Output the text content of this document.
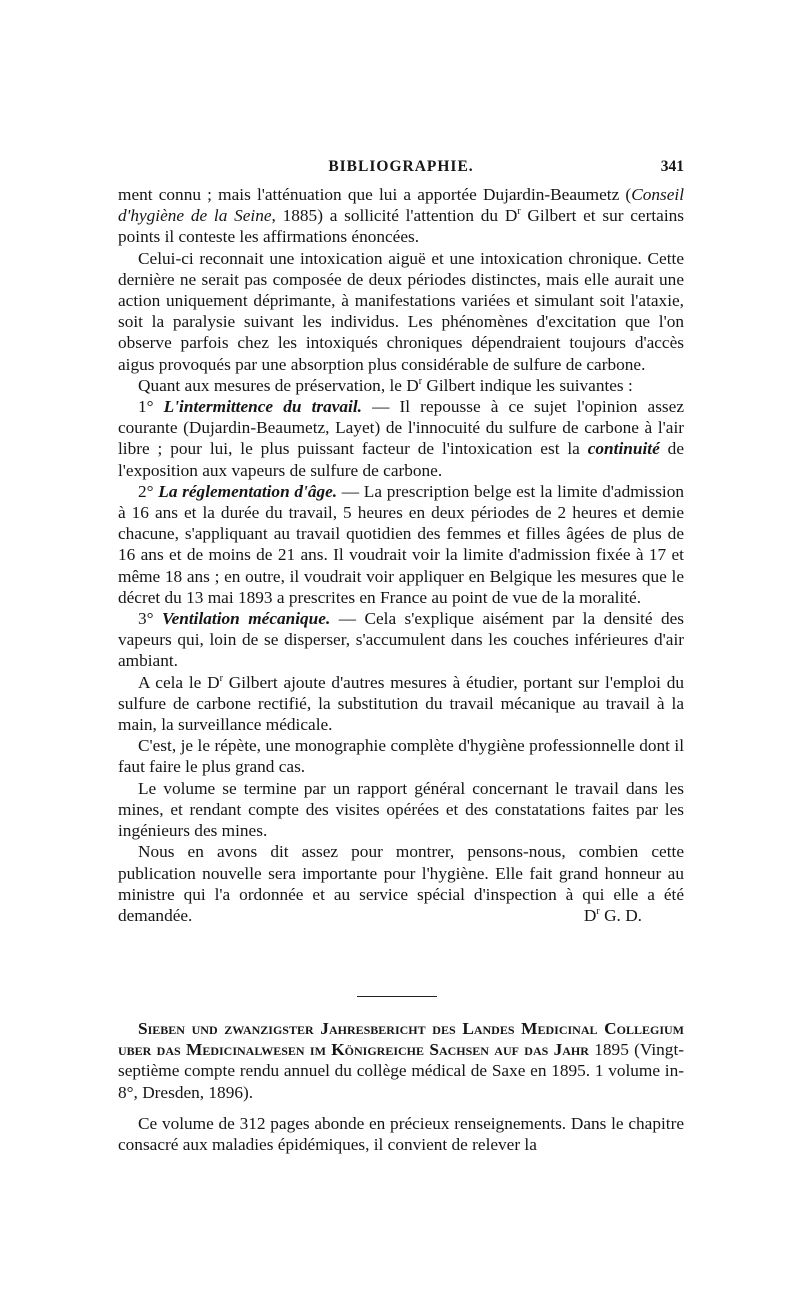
BIBLIOGRAPHIE.	341

ment connu ; mais l'atténuation que lui a apportée Dujardin-Beaumetz (Conseil d'hygiène de la Seine, 1885) a sollicité l'attention du $D^r$ Gilbert et sur certains points il conteste les affirmations énoncées.

Celui-ci reconnait une intoxication aiguë et une intoxication chronique. Cette dernière ne serait pas composée de deux périodes distinctes, mais elle aurait une action uniquement déprimante, à manifestations variées et simulant soit l'ataxie, soit la paralysie suivant les individus. Les phénomènes d'excitation que l'on observe parfois chez les intoxiqués chroniques dépendraient toujours d'accès aigus provoqués par une absorption plus considérable de sulfure de carbone.

Quant aux mesures de préservation, le $D^r$ Gilbert indique les suivantes :

1° L'intermittence du travail. — Il repousse à ce sujet l'opinion assez courante (Dujardin-Beaumetz, Layet) de l'innocuité du sulfure de carbone à l'air libre ; pour lui, le plus puissant facteur de l'intoxication est la continuité de l'exposition aux vapeurs de sulfure de carbone.

2° La réglementation d'âge. — La prescription belge est la limite d'admission à 16 ans et la durée du travail, 5 heures en deux périodes de 2 heures et demie chacune, s'appliquant au travail quotidien des femmes et filles âgées de plus de 16 ans et de moins de 21 ans. Il voudrait voir la limite d'admission fixée à 17 et même 18 ans ; en outre, il voudrait voir appliquer en Belgique les mesures que le décret du 13 mai 1893 a prescrites en France au point de vue de la moralité.

3° Ventilation mécanique. — Cela s'explique aisément par la densité des vapeurs qui, loin de se disperser, s'accumulent dans les couches inférieures d'air ambiant.

A cela le $D^r$ Gilbert ajoute d'autres mesures à étudier, portant sur l'emploi du sulfure de carbone rectifié, la substitution du travail mécanique au travail à la main, la surveillance médicale.

C'est, je le répète, une monographie complète d'hygiène professionnelle dont il faut faire le plus grand cas.

Le volume se termine par un rapport général concernant le travail dans les mines, et rendant compte des visites opérées et des constatations faites par les ingénieurs des mines.

Nous en avons dit assez pour montrer, pensons-nous, combien cette publication nouvelle sera importante pour l'hygiène. Elle fait grand honneur au ministre qui l'a ordonnée et au service spécial d'inspection à qui elle a été demandée.	$D^r$ G. D.

Sieben und zwanzigster Jahresbericht des Landes Medicinal Collegium uber das Medicinalwesen im Königreiche Sachsen auf das Jahr 1895 (Vingt-septième compte rendu annuel du collège médical de Saxe en 1895. 1 volume in-8°, Dresden, 1896).

Ce volume de 312 pages abonde en précieux renseignements. Dans le chapitre consacré aux maladies épidémiques, il convient de relever la
